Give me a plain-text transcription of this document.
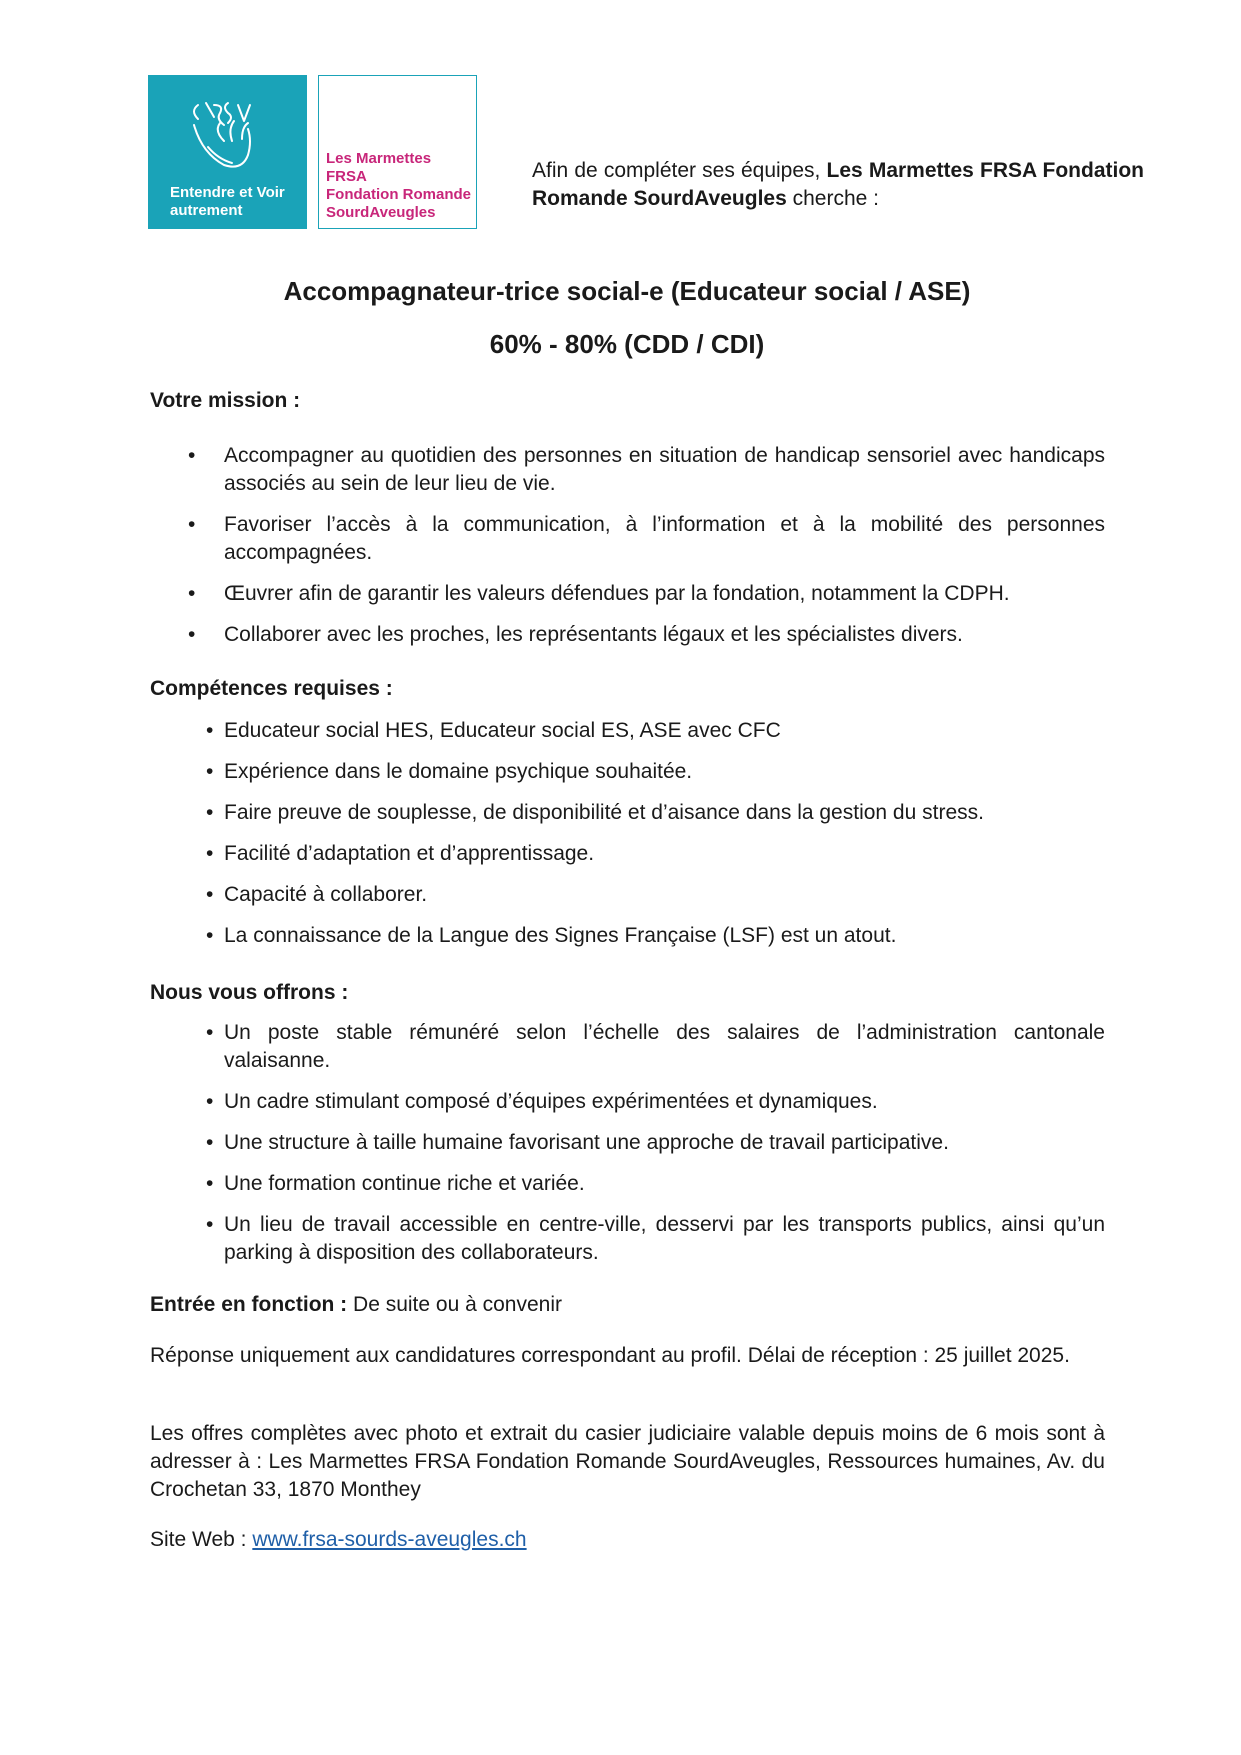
Entendre et Voir
autrement
Les Marmettes
FRSA
Fondation Romande
SourdAveugles
Afin de compléter ses équipes, Les Marmettes FRSA Fondation Romande SourdAveugles cherche :
Accompagnateur-trice social-e (Educateur social / ASE)
60% - 80% (CDD / CDI)
Votre mission :
• Accompagner au quotidien des personnes en situation de handicap sensoriel avec handicaps associés au sein de leur lieu de vie.
• Favoriser l’accès à la communication, à l’information et à la mobilité des personnes accompagnées.
• Œuvrer afin de garantir les valeurs défendues par la fondation, notamment la CDPH.
• Collaborer avec les proches, les représentants légaux et les spécialistes divers.
Compétences requises :
• Educateur social HES, Educateur social ES, ASE avec CFC
• Expérience dans le domaine psychique souhaitée.
• Faire preuve de souplesse, de disponibilité et d’aisance dans la gestion du stress.
• Facilité d’adaptation et d’apprentissage.
• Capacité à collaborer.
• La connaissance de la Langue des Signes Française (LSF) est un atout.
Nous vous offrons :
• Un poste stable rémunéré selon l’échelle des salaires de l’administration cantonale valaisanne.
• Un cadre stimulant composé d’équipes expérimentées et dynamiques.
• Une structure à taille humaine favorisant une approche de travail participative.
• Une formation continue riche et variée.
• Un lieu de travail accessible en centre-ville, desservi par les transports publics, ainsi qu’un parking à disposition des collaborateurs.
Entrée en fonction : De suite ou à convenir
Réponse uniquement aux candidatures correspondant au profil. Délai de réception : 25 juillet 2025.
Les offres complètes avec photo et extrait du casier judiciaire valable depuis moins de 6 mois sont à adresser à : Les Marmettes FRSA Fondation Romande SourdAveugles, Ressources humaines, Av. du Crochetan 33, 1870 Monthey
Site Web : www.frsa-sourds-aveugles.ch
